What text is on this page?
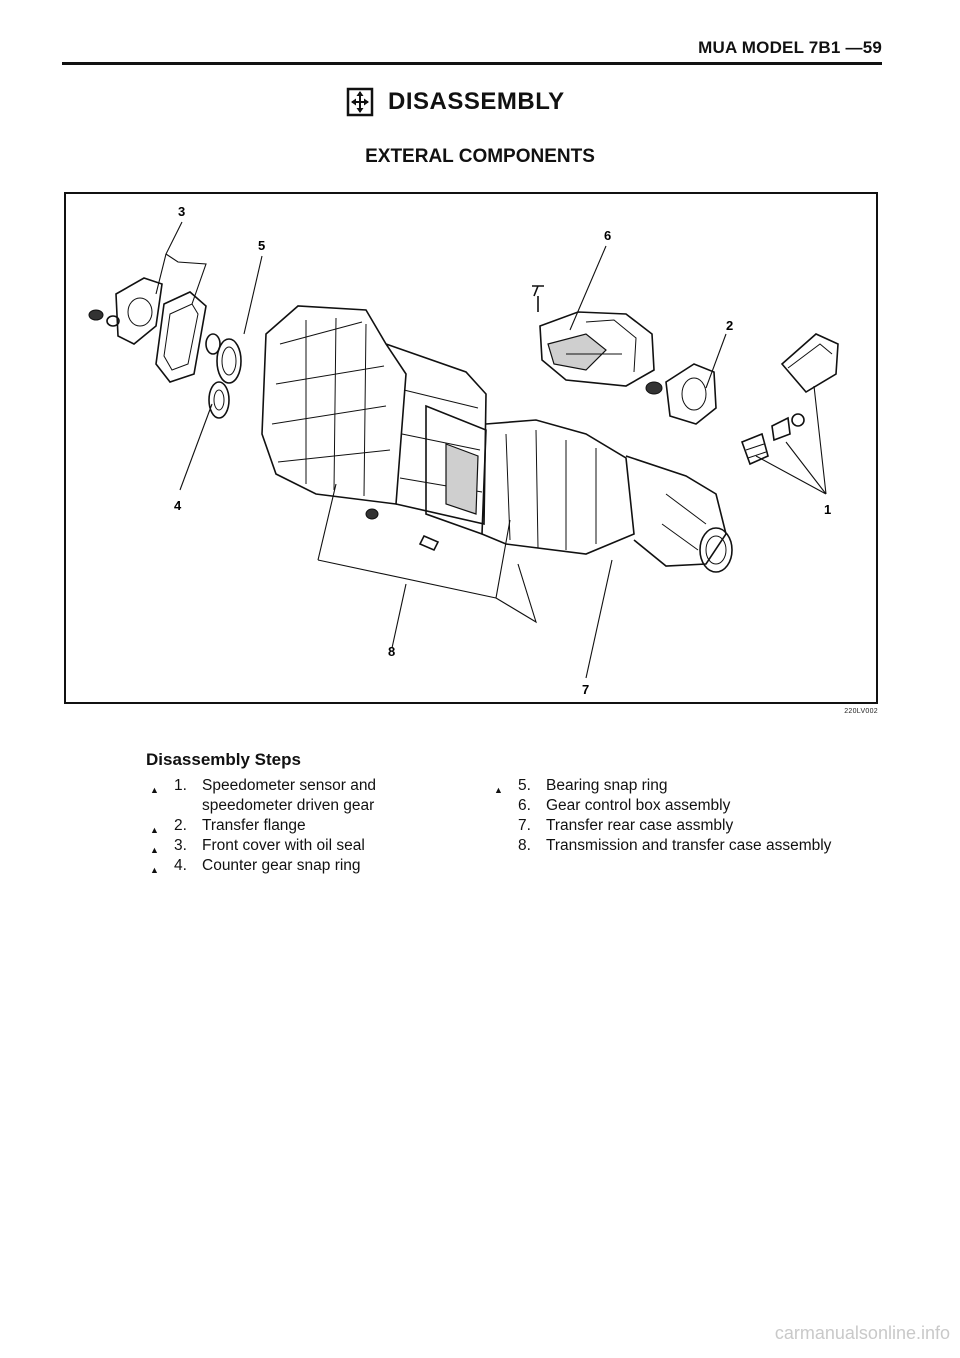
MUA MODEL 7B1 —59
DISASSEMBLY
EXTERAL COMPONENTS
3
5
4
6
2
1
8
7
220LV002
Disassembly Steps
▲ 1. Speedometer sensor and speedometer driven gear
▲ 2. Transfer flange
▲ 3. Front cover with oil seal
▲ 4. Counter gear snap ring
▲ 5. Bearing snap ring
6. Gear control box assembly
7. Transfer rear case assmbly
8. Transmission and transfer case assembly
carmanualsonline.info
